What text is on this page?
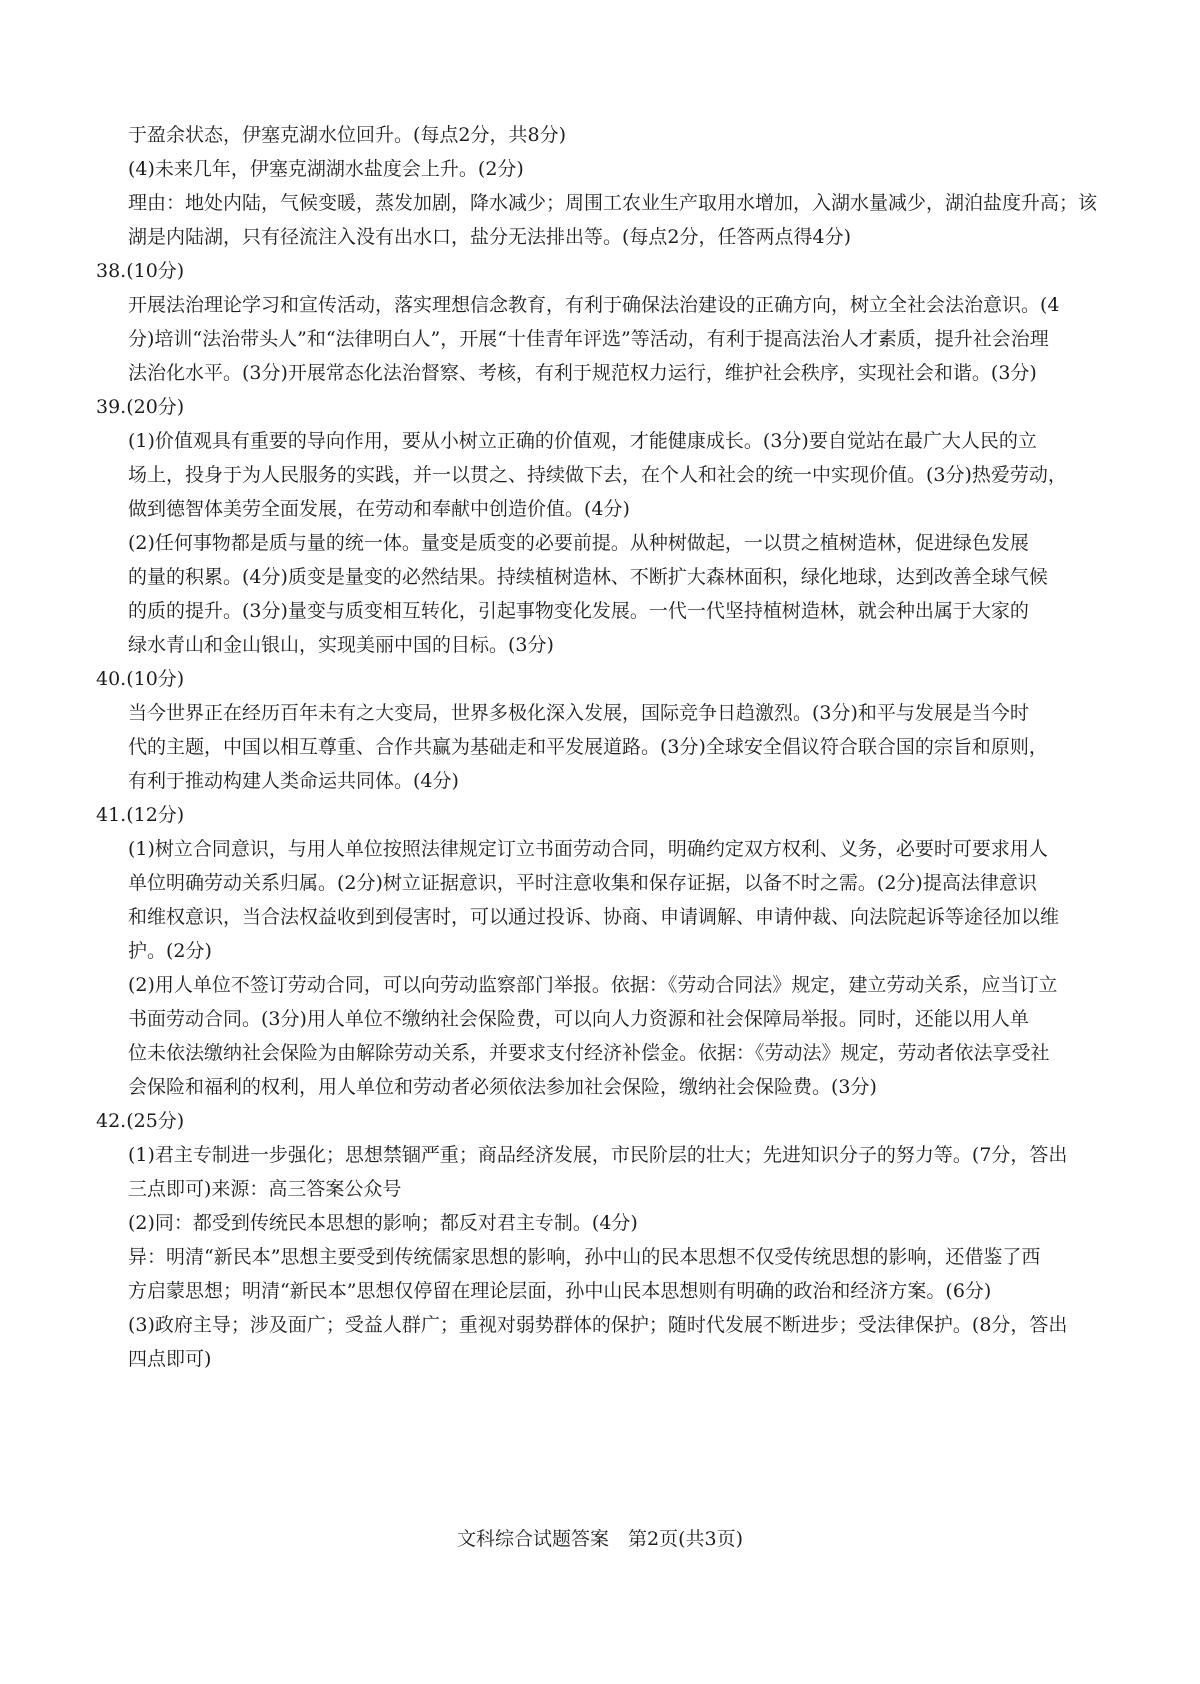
于盈余状态，伊塞克湖水位回升。(每点2分，共8分)
(4)未来几年，伊塞克湖湖水盐度会上升。(2分)
理由：地处内陆，气候变暖，蒸发加剧，降水减少；周围工农业生产取用水增加，入湖水量减少，湖泊盐度升高；该
湖是内陆湖，只有径流注入没有出水口，盐分无法排出等。(每点2分，任答两点得4分)
38.(10分)
开展法治理论学习和宣传活动，落实理想信念教育，有利于确保法治建设的正确方向，树立全社会法治意识。(4
分)培训“法治带头人”和“法律明白人”，开展“十佳青年评选”等活动，有利于提高法治人才素质，提升社会治理
法治化水平。(3分)开展常态化法治督察、考核，有利于规范权力运行，维护社会秩序，实现社会和谐。(3分)
39.(20分)
(1)价值观具有重要的导向作用，要从小树立正确的价值观，才能健康成长。(3分)要自觉站在最广大人民的立
场上，投身于为人民服务的实践，并一以贯之、持续做下去，在个人和社会的统一中实现价值。(3分)热爱劳动，
做到德智体美劳全面发展，在劳动和奉献中创造价值。(4分)
(2)任何事物都是质与量的统一体。量变是质变的必要前提。从种树做起，一以贯之植树造林，促进绿色发展
的量的积累。(4分)质变是量变的必然结果。持续植树造林、不断扩大森林面积，绿化地球，达到改善全球气候
的质的提升。(3分)量变与质变相互转化，引起事物变化发展。一代一代坚持植树造林，就会种出属于大家的
绿水青山和金山银山，实现美丽中国的目标。(3分)
40.(10分)
当今世界正在经历百年未有之大变局，世界多极化深入发展，国际竞争日趋激烈。(3分)和平与发展是当今时
代的主题，中国以相互尊重、合作共赢为基础走和平发展道路。(3分)全球安全倡议符合联合国的宗旨和原则，
有利于推动构建人类命运共同体。(4分)
41.(12分)
(1)树立合同意识，与用人单位按照法律规定订立书面劳动合同，明确约定双方权利、义务，必要时可要求用人
单位明确劳动关系归属。(2分)树立证据意识，平时注意收集和保存证据，以备不时之需。(2分)提高法律意识
和维权意识，当合法权益收到到侵害时，可以通过投诉、协商、申请调解、申请仲裁、向法院起诉等途径加以维
护。(2分)
(2)用人单位不签订劳动合同，可以向劳动监察部门举报。依据：《劳动合同法》规定，建立劳动关系，应当订立
书面劳动合同。(3分)用人单位不缴纳社会保险费，可以向人力资源和社会保障局举报。同时，还能以用人单
位未依法缴纳社会保险为由解除劳动关系，并要求支付经济补偿金。依据：《劳动法》规定，劳动者依法享受社
会保险和福利的权利，用人单位和劳动者必须依法参加社会保险，缴纳社会保险费。(3分)
42.(25分)
(1)君主专制进一步强化；思想禁锢严重；商品经济发展，市民阶层的壮大；先进知识分子的努力等。(7分，答出
三点即可)来源：高三答案公众号
(2)同：都受到传统民本思想的影响；都反对君主专制。(4分)
异：明清“新民本”思想主要受到传统儒家思想的影响，孙中山的民本思想不仅受传统思想的影响，还借鉴了西
方启蒙思想；明清“新民本”思想仅停留在理论层面，孙中山民本思想则有明确的政治和经济方案。(6分)
(3)政府主导；涉及面广；受益人群广；重视对弱势群体的保护；随时代发展不断进步；受法律保护。(8分，答出
四点即可)
文科综合试题答案　第2页(共3页)
